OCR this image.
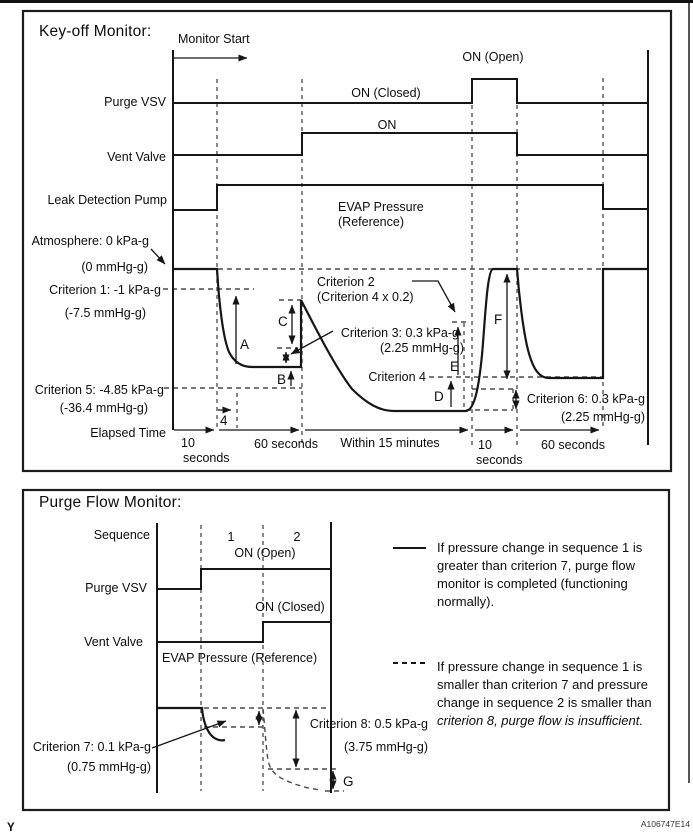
Key-off Monitor: Monitor Start
Purge VSV
Vent Valve
Leak Detection Pump
ON (Open)
ON (Closed)
ON
EVAP Pressure
(Reference)
Atmosphere: 0 kPa-g
(0 mmHg-g)
Criterion 1: -1 kPa-g
(-7.5 mmHg-g)
Criterion 5: -4.85 kPa-g
(-36.4 mmHg-g)
Criterion 2
(Criterion 4 x 0.2)
Criterion 3: 0.3 kPa-g
(2.25 mmHg-g)
Criterion 4
Criterion 6: 0.3 kPa-g
(2.25 mmHg-g)
A
B
C
D
E
F
4
Elapsed Time
10
seconds
60 seconds Within 15 minutes	10
seconds
60 seconds
Purge Flow Monitor:
Sequence	1	2
ON (Open)
Purge VSV
ON (Closed)
Vent Valve
EVAP Pressure (Reference)
Criterion 7: 0.1 kPa-g
(0.75 mmHg-g)
Criterion 8: 0.5 kPa-g
(3.75 mmHg-g)
G
If pressure change in sequence 1 is
greater than criterion 7, purge flow
monitor is completed (functioning
normally).
If pressure change in sequence 1 is
smaller than criterion 7 and pressure
change in sequence 2 is smaller than
criterion 8, purge flow is insufficient.
Y	A106747E14
